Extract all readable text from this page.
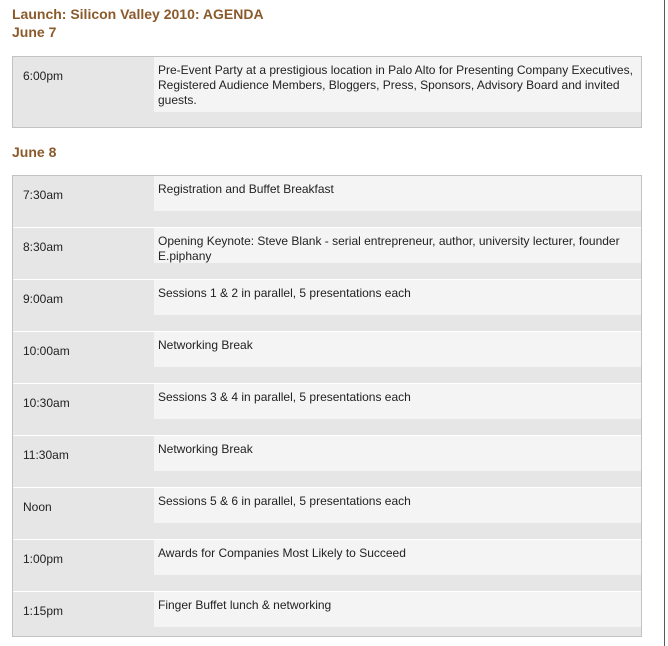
Launch: Silicon Valley 2010: AGENDA
June 7
6:00pm	Pre-Event Party at a prestigious location in Palo Alto for Presenting Company Executives, Registered Audience Members, Bloggers, Press, Sponsors, Advisory Board and invited guests.
June 8
7:30am	Registration and Buffet Breakfast
8:30am	Opening Keynote: Steve Blank - serial entrepreneur, author, university lecturer, founder E.piphany
9:00am	Sessions 1 & 2 in parallel, 5 presentations each
10:00am	Networking Break
10:30am	Sessions 3 & 4 in parallel, 5 presentations each
11:30am	Networking Break
Noon	Sessions 5 & 6 in parallel, 5 presentations each
1:00pm	Awards for Companies Most Likely to Succeed
1:15pm	Finger Buffet lunch & networking
